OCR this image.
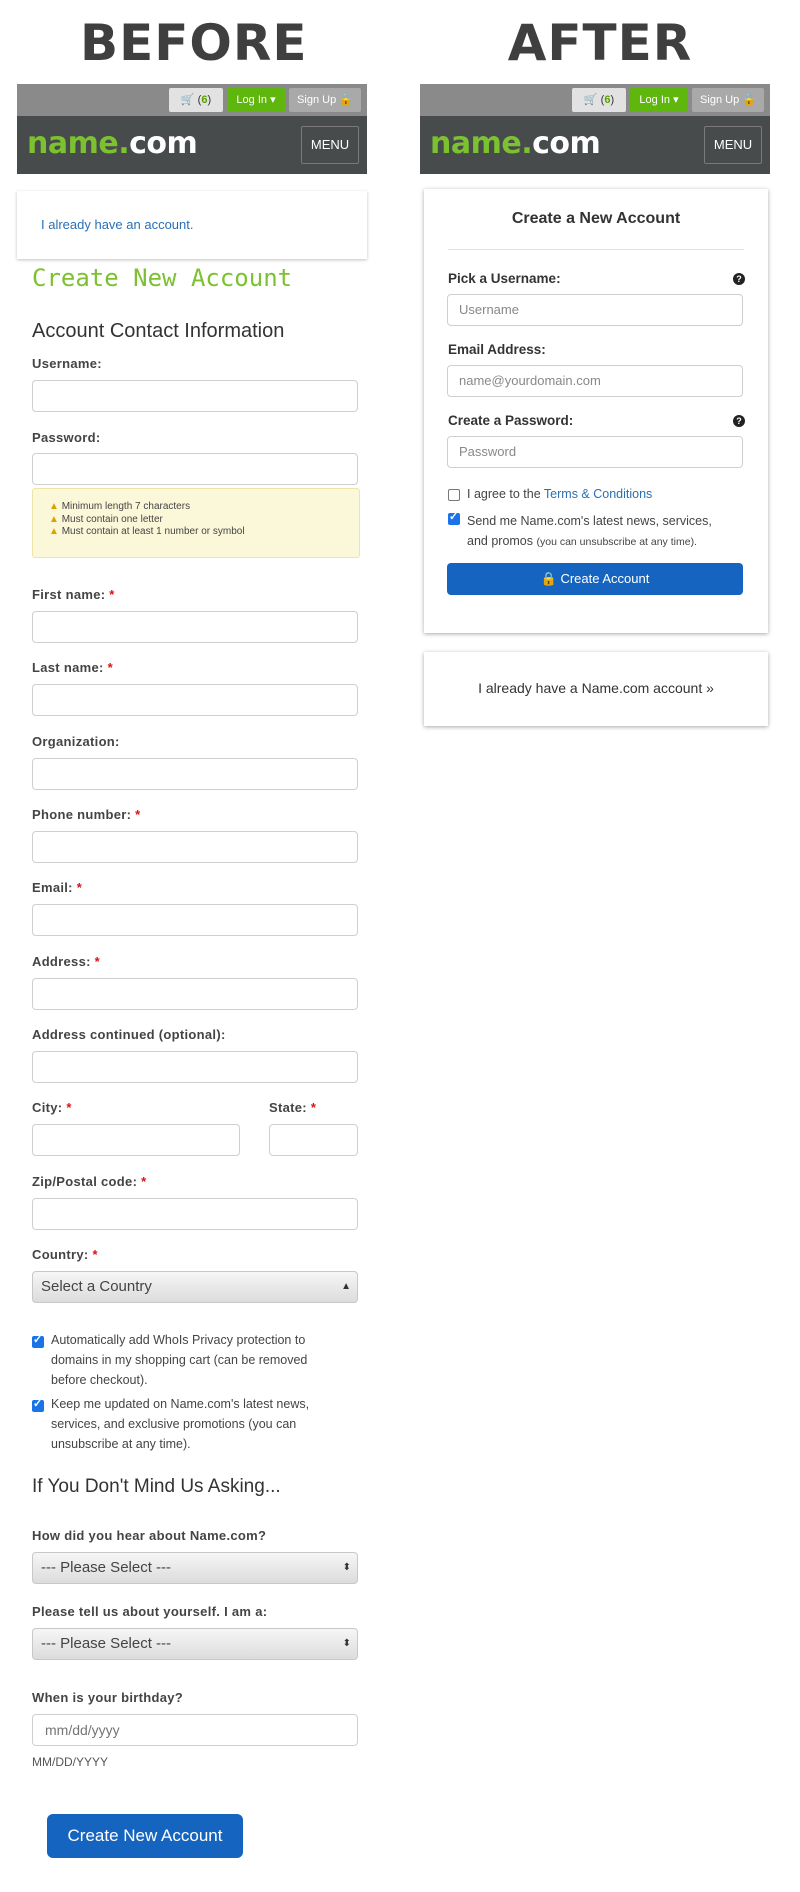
BEFORE	AFTER
🛒 (6)	Log In ▾	Sign Up 🔒
name.com	MENU
I already have an account.
Create New Account
Account Contact Information
Username:
Password:
▲ Minimum length 7 characters
▲ Must contain one letter
▲ Must contain at least 1 number or symbol
First name: *
Last name: *
Organization:
Phone number: *
Email: *
Address: *
Address continued (optional):
City: *	State: *
Zip/Postal code: *
Country: *
Select a Country	▲

✓
Automatically add WhoIs Privacy protection to
domains in my shopping cart (can be removed
before checkout).
✓
Keep me updated on Name.com's latest news,
services, and exclusive promotions (you can
unsubscribe at any time).
If You Don't Mind Us Asking...
How did you hear about Name.com?
--- Please Select ---	⬍
Please tell us about yourself. I am a:
--- Please Select ---	⬍
When is your birthday?
mm/dd/yyyy
MM/DD/YYYY
Create New Account
🛒 (6)	Log In ▾	Sign Up 🔒
name.com	MENU
Create a New Account
Pick a Username:	?
Username
Email Address:
name@yourdomain.com
Create a Password:	?
Password
I agree to the Terms & Conditions
✓
Send me Name.com's latest news, services,
and promos (you can unsubscribe at any time).
🔒 Create Account
I already have a Name.com account »
